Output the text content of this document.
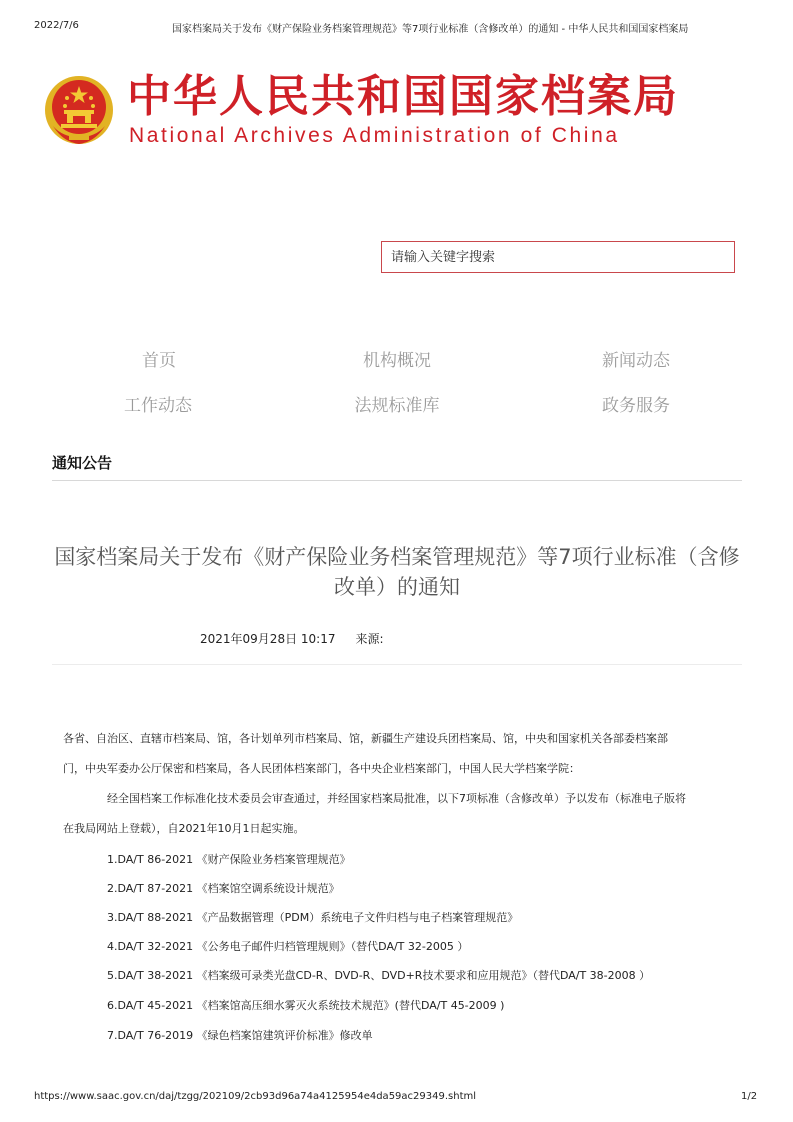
2022/7/6	国家档案局关于发布《财产保险业务档案管理规范》等7项行业标准（含修改单）的通知 - 中华人民共和国国家档案局
中华人民共和国国家档案局
National Archives Administration of China
请输入关键字搜索
首页	机构概况	新闻动态
工作动态	法规标准库	政务服务
通知公告
国家档案局关于发布《财产保险业务档案管理规范》等7项行业标准（含修改单）的通知
2021年09月28日 10:17 来源:
各省、自治区、直辖市档案局、馆，各计划单列市档案局、馆，新疆生产建设兵团档案局、馆，中央和国家机关各部委档案部
门，中央军委办公厅保密和档案局，各人民团体档案部门，各中央企业档案部门，中国人民大学档案学院：
经全国档案工作标准化技术委员会审查通过，并经国家档案局批准，以下7项标准（含修改单）予以发布（标准电子版将
在我局网站上登载），自2021年10月1日起实施。
1.DA/T 86-2021 《财产保险业务档案管理规范》
2.DA/T 87-2021 《档案馆空调系统设计规范》
3.DA/T 88-2021 《产品数据管理（PDM）系统电子文件归档与电子档案管理规范》
4.DA/T 32-2021 《公务电子邮件归档管理规则》（替代DA/T 32-2005 ）
5.DA/T 38-2021 《档案级可录类光盘CD-R、DVD-R、DVD+R技术要求和应用规范》（替代DA/T 38-2008 ）
6.DA/T 45-2021 《档案馆高压细水雾灭火系统技术规范》(替代DA/T 45-2009 )
7.DA/T 76-2019 《绿色档案馆建筑评价标准》修改单
https://www.saac.gov.cn/daj/tzgg/202109/2cb93d96a74a4125954e4da59ac29349.shtml	1/2
